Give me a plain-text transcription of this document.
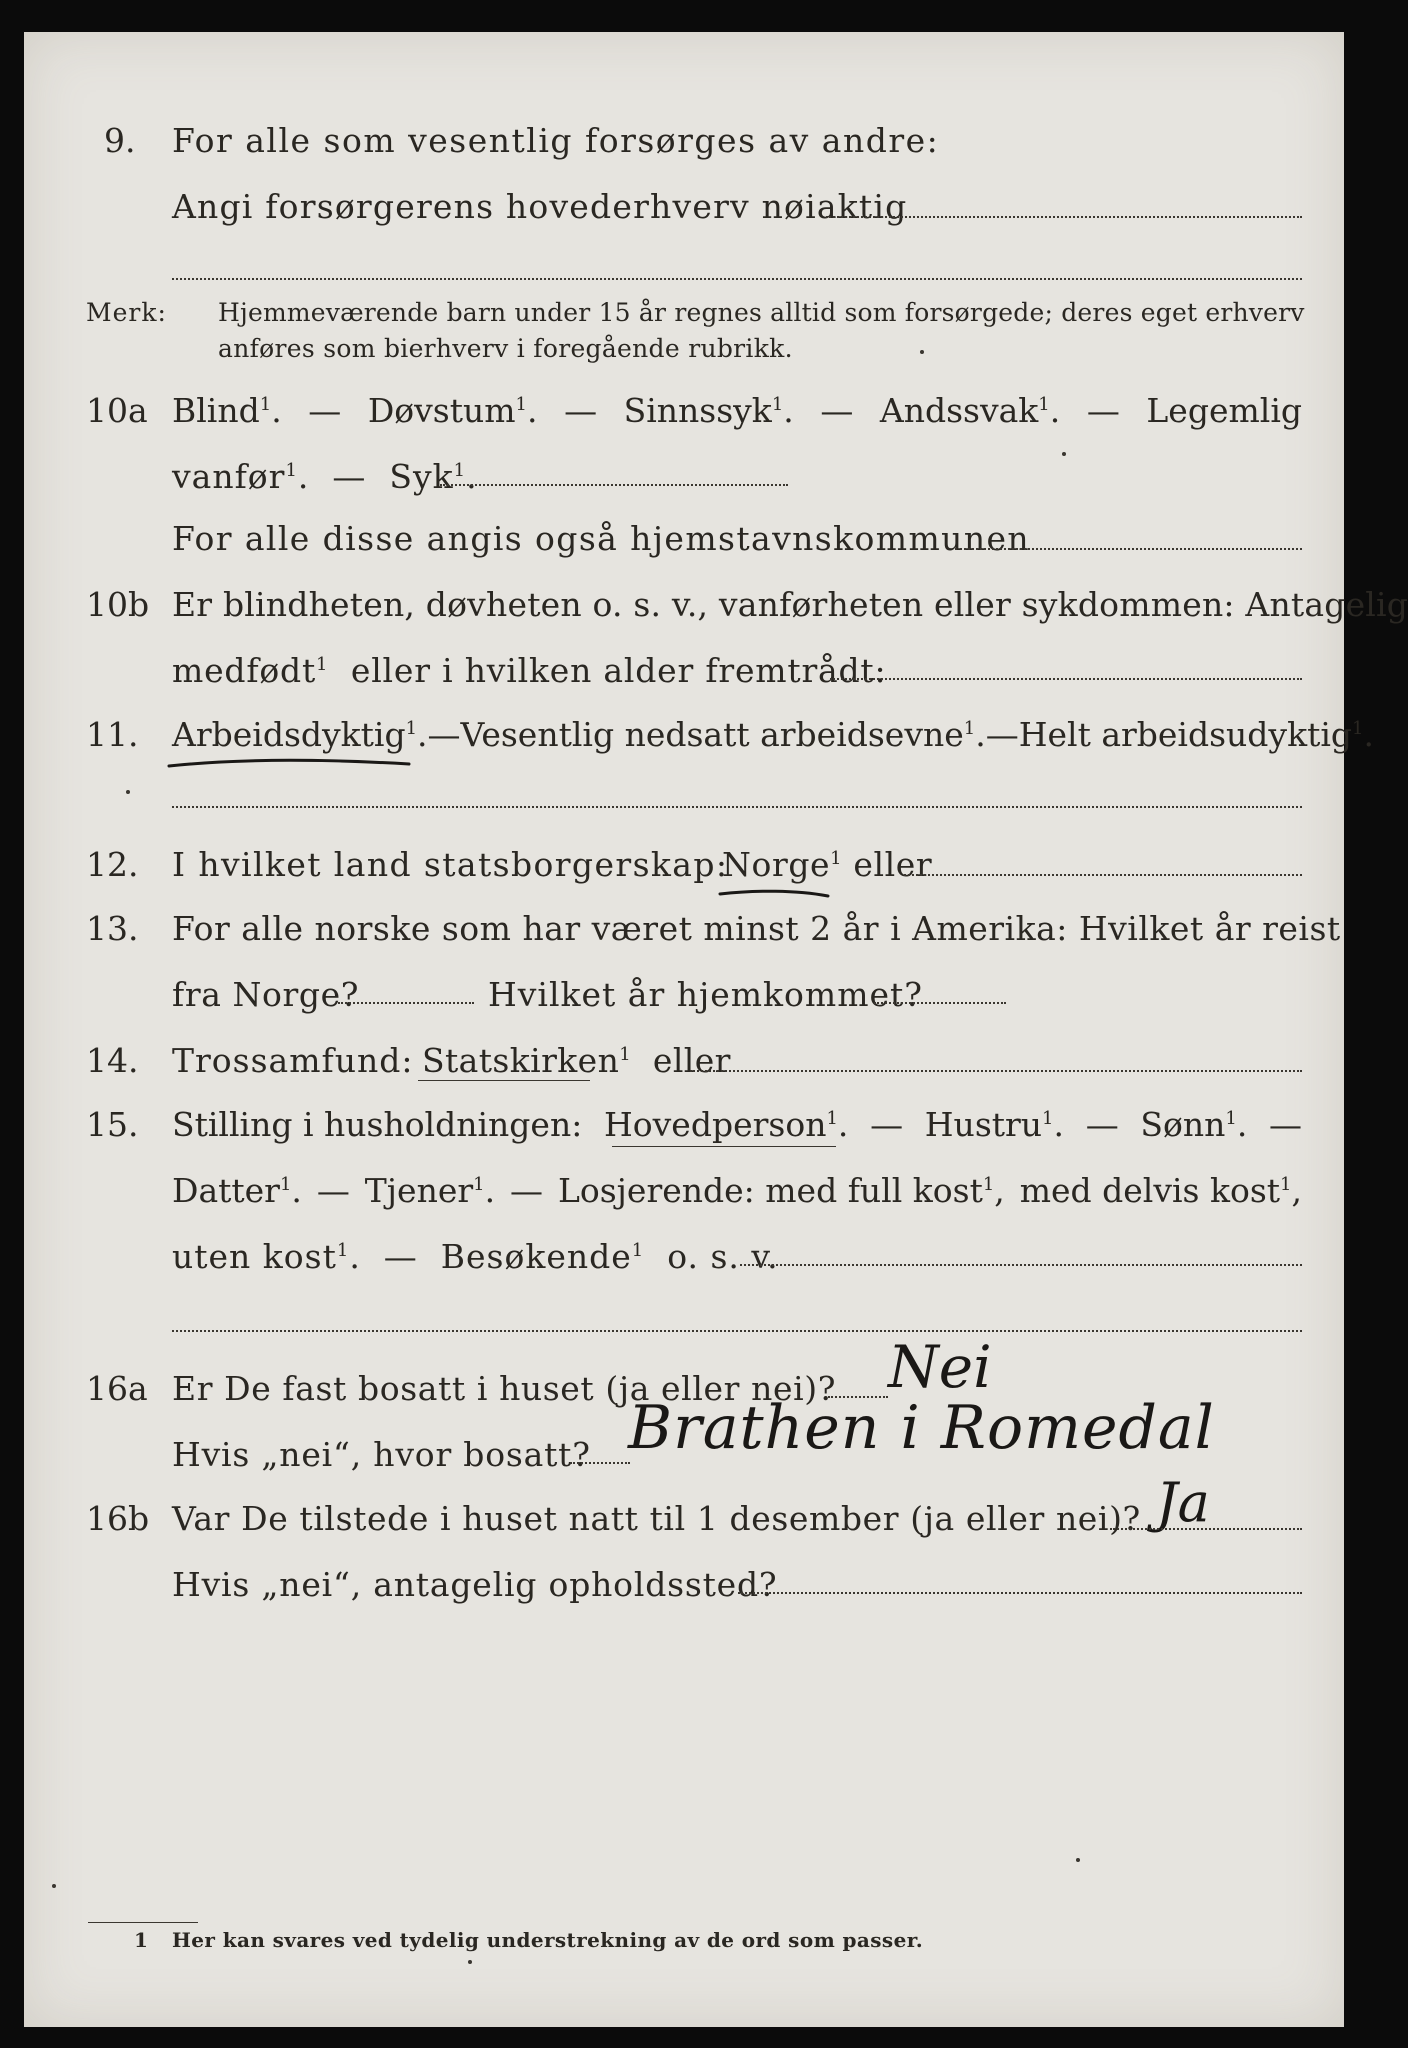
9. For alle som vesentlig forsørges av andre:
Angi forsørgerens hovederhverv nøiaktig
Merk: Hjemmeværende barn under 15 år regnes alltid som forsørgede; deres eget erhverv
anføres som bierhverv i foregående rubrikk.
10a Blind$^1$. — Døvstum$^1$. — Sinnssyk$^1$. — Andssvak$^1$. — Legemlig
vanfør$^1$.  — Syk$^1$.
For alle disse angis også hjemstavnskommunen
10b Er blindheten, døvheten o. s. v., vanførheten eller sykdommen: Antagelig
medfødt$^1$ eller i hvilken alder fremtrådt:
11. Arbeidsdyktig$^1$. — Vesentlig nedsatt arbeidsevne$^1$. — Helt arbeidsudyktig$^1$.
12. I hvilket land statsborgerskap:
Norge$^1$ eller
13. For alle norske som har været minst 2 år i Amerika: Hvilket år reist
fra Norge?	Hvilket år hjemkommet?
14. Trossamfund: Statskirken$^1$ eller
15. Stilling i husholdningen: Hovedperson$^1$. — Hustru$^1$. — Sønn$^1$. —
Datter$^1$. — Tjener$^1$. — Losjerende: med full kost$^1$, med delvis kost$^1$,
uten kost$^1$.  — Besøkende$^1$ o. s. v.
16a Er De fast bosatt i huset (ja eller nei)? Nei
Hvis „nei“, hvor bosatt? Brathen i Romedal
16b Var De tilstede i huset natt til 1 desember (ja eller nei)? Ja
Hvis „nei“, antagelig opholdssted?
1 Her kan svares ved tydelig understrekning av de ord som passer.
